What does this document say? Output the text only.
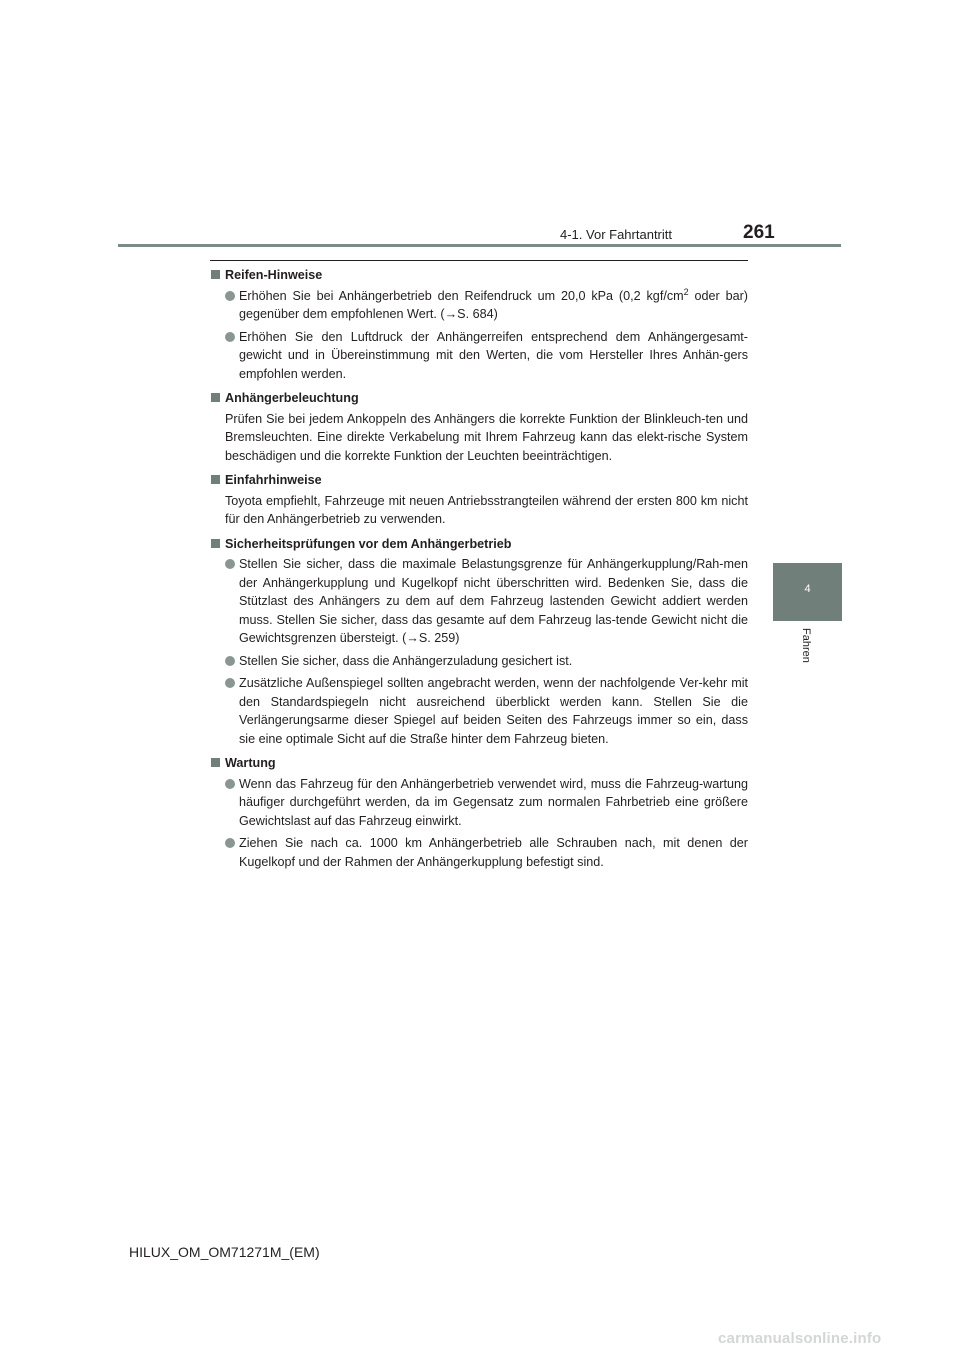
4-1. Vor Fahrtantritt	261
4
Fahren
Reifen-Hinweise
Erhöhen Sie bei Anhängerbetrieb den Reifendruck um 20,0 kPa (0,2 kgf/$cm^2$ oder bar) gegenüber dem empfohlenen Wert. (→S. 684)
Erhöhen Sie den Luftdruck der Anhängerreifen entsprechend dem Anhängergesamt-gewicht und in Übereinstimmung mit den Werten, die vom Hersteller Ihres Anhän-gers empfohlen werden.
Anhängerbeleuchtung
Prüfen Sie bei jedem Ankoppeln des Anhängers die korrekte Funktion der Blinkleuch-ten und Bremsleuchten. Eine direkte Verkabelung mit Ihrem Fahrzeug kann das elekt-rische System beschädigen und die korrekte Funktion der Leuchten beeinträchtigen.
Einfahrhinweise
Toyota empfiehlt, Fahrzeuge mit neuen Antriebsstrangteilen während der ersten 800 km nicht für den Anhängerbetrieb zu verwenden.
Sicherheitsprüfungen vor dem Anhängerbetrieb
Stellen Sie sicher, dass die maximale Belastungsgrenze für Anhängerkupplung/Rah-men der Anhängerkupplung und Kugelkopf nicht überschritten wird. Bedenken Sie, dass die Stützlast des Anhängers zu dem auf dem Fahrzeug lastenden Gewicht addiert werden muss. Stellen Sie sicher, dass das gesamte auf dem Fahrzeug las-tende Gewicht nicht die Gewichtsgrenzen übersteigt. (→S. 259)
Stellen Sie sicher, dass die Anhängerzuladung gesichert ist.
Zusätzliche Außenspiegel sollten angebracht werden, wenn der nachfolgende Ver-kehr mit den Standardspiegeln nicht ausreichend überblickt werden kann. Stellen Sie die Verlängerungsarme dieser Spiegel auf beiden Seiten des Fahrzeugs immer so ein, dass sie eine optimale Sicht auf die Straße hinter dem Fahrzeug bieten.
Wartung
Wenn das Fahrzeug für den Anhängerbetrieb verwendet wird, muss die Fahrzeug-wartung häufiger durchgeführt werden, da im Gegensatz zum normalen Fahrbetrieb eine größere Gewichtslast auf das Fahrzeug einwirkt.
Ziehen Sie nach ca. 1000 km Anhängerbetrieb alle Schrauben nach, mit denen der Kugelkopf und der Rahmen der Anhängerkupplung befestigt sind.
HILUX_OM_OM71271M_(EM)
carmanualsonline.info
